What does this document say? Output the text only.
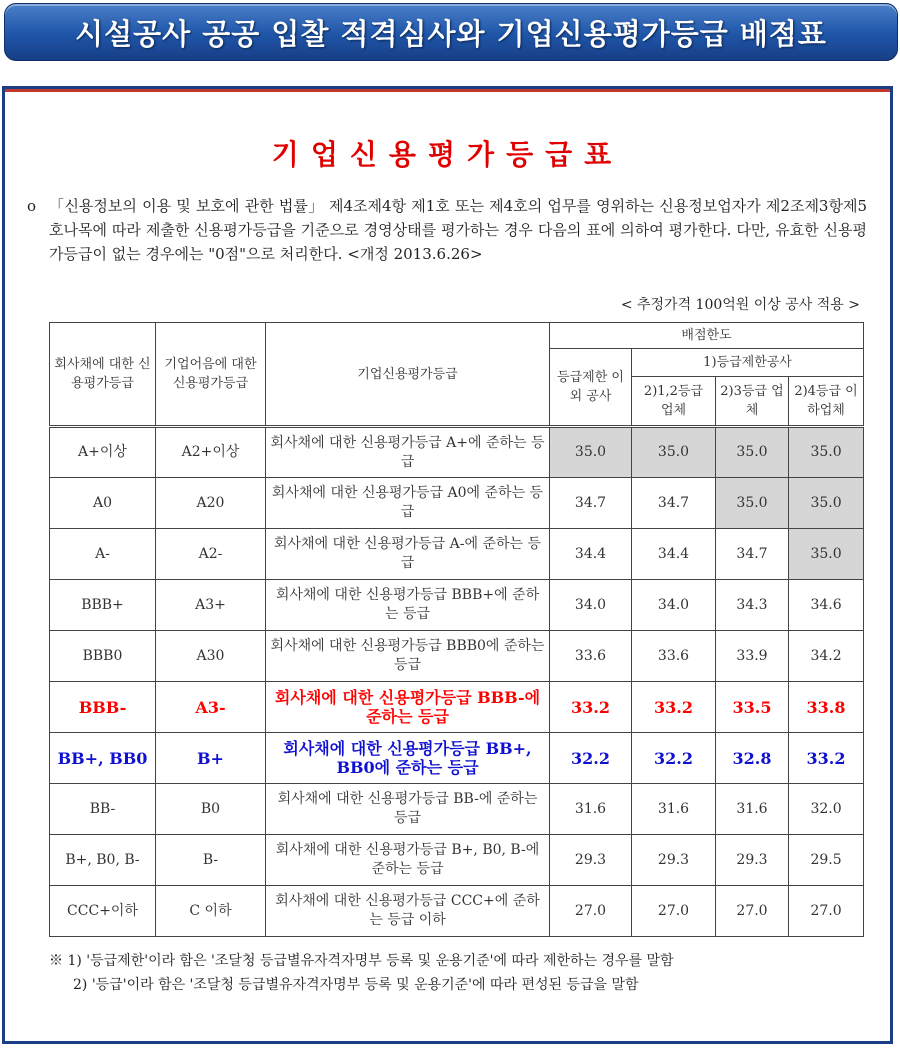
시설공사 공공 입찰 적격심사와 기업신용평가등급 배점표
기업신용평가등급표
o 「신용정보의 이용 및 보호에 관한 법률」 제4조제4항 제1호 또는 제4호의 업무를 영위하는 신용정보업자가 제2조제3항제5호나목에 따라 제출한 신용평가등급을 기준으로 경영상태를 평가하는 경우 다음의 표에 의하여 평가한다. 다만, 유효한 신용평가등급이 없는 경우에는 "0점"으로 처리한다. <개정 2013.6.26>
< 추정가격 100억원 이상 공사 적용 >
회사채에 대한 신용평가등급	기업어음에 대한 신용평가등급	기업신용평가등급	배점한도			
			등급제한 이외 공사	1)등급제한공사		
				2)1,2등급 업체	2)3등급 업체	2)4등급 이하업체
A+이상	A2+이상	회사채에 대한 신용평가등급 A+에 준하는 등급	35.0	35.0	35.0	35.0
A0	A20	회사채에 대한 신용평가등급 A0에 준하는 등급	34.7	34.7	35.0	35.0
A-	A2-	회사채에 대한 신용평가등급 A-에 준하는 등급	34.4	34.4	34.7	35.0
BBB+	A3+	회사채에 대한 신용평가등급 BBB+에 준하는 등급	34.0	34.0	34.3	34.6
BBB0	A30	회사채에 대한 신용평가등급 BBB0에 준하는 등급	33.6	33.6	33.9	34.2
BBB-	A3-	회사채에 대한 신용평가등급 BBB-에 준하는 등급	33.2	33.2	33.5	33.8
BB+, BB0	B+	회사채에 대한 신용평가등급 BB+, BB0에 준하는 등급	32.2	32.2	32.8	33.2
BB-	B0	회사채에 대한 신용평가등급 BB-에 준하는 등급	31.6	31.6	31.6	32.0
B+, B0, B-	B-	회사채에 대한 신용평가등급 B+, B0, B-에 준하는 등급	29.3	29.3	29.3	29.5
CCC+이하	C 이하	회사채에 대한 신용평가등급 CCC+에 준하는 등급 이하	27.0	27.0	27.0	27.0

※ 1) '등급제한'이라 함은 '조달청 등급별유자격자명부 등록 및 운용기준'에 따라 제한하는 경우를 말함

2) '등급'이라 함은 '조달청 등급별유자격자명부 등록 및 운용기준'에 따라 편성된 등급을 말함
